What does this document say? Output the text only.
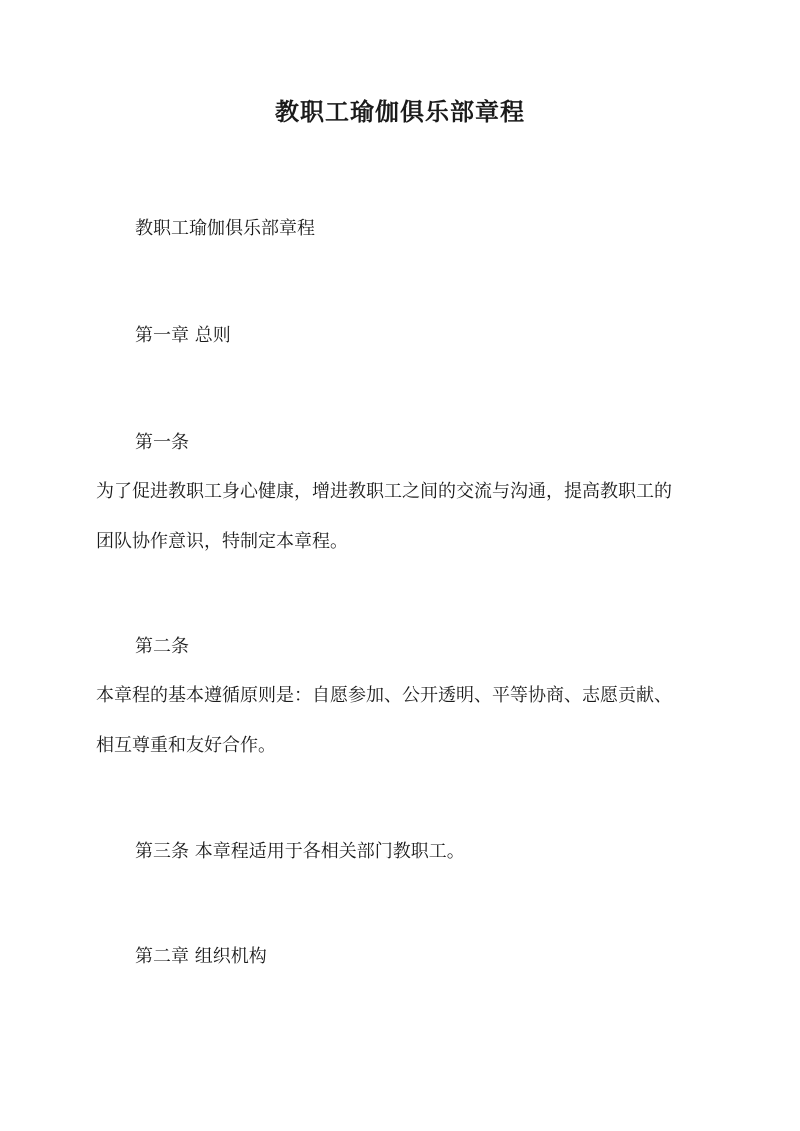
教职工瑜伽俱乐部章程

教职工瑜伽俱乐部章程

第一章 总则

第一条

为了促进教职工身心健康，增进教职工之间的交流与沟通，提高教职工的

团队协作意识，特制定本章程。

第二条

本章程的基本遵循原则是：自愿参加、公开透明、平等协商、志愿贡献、

相互尊重和友好合作。

第三条 本章程适用于各相关部门教职工。

第二章 组织机构
